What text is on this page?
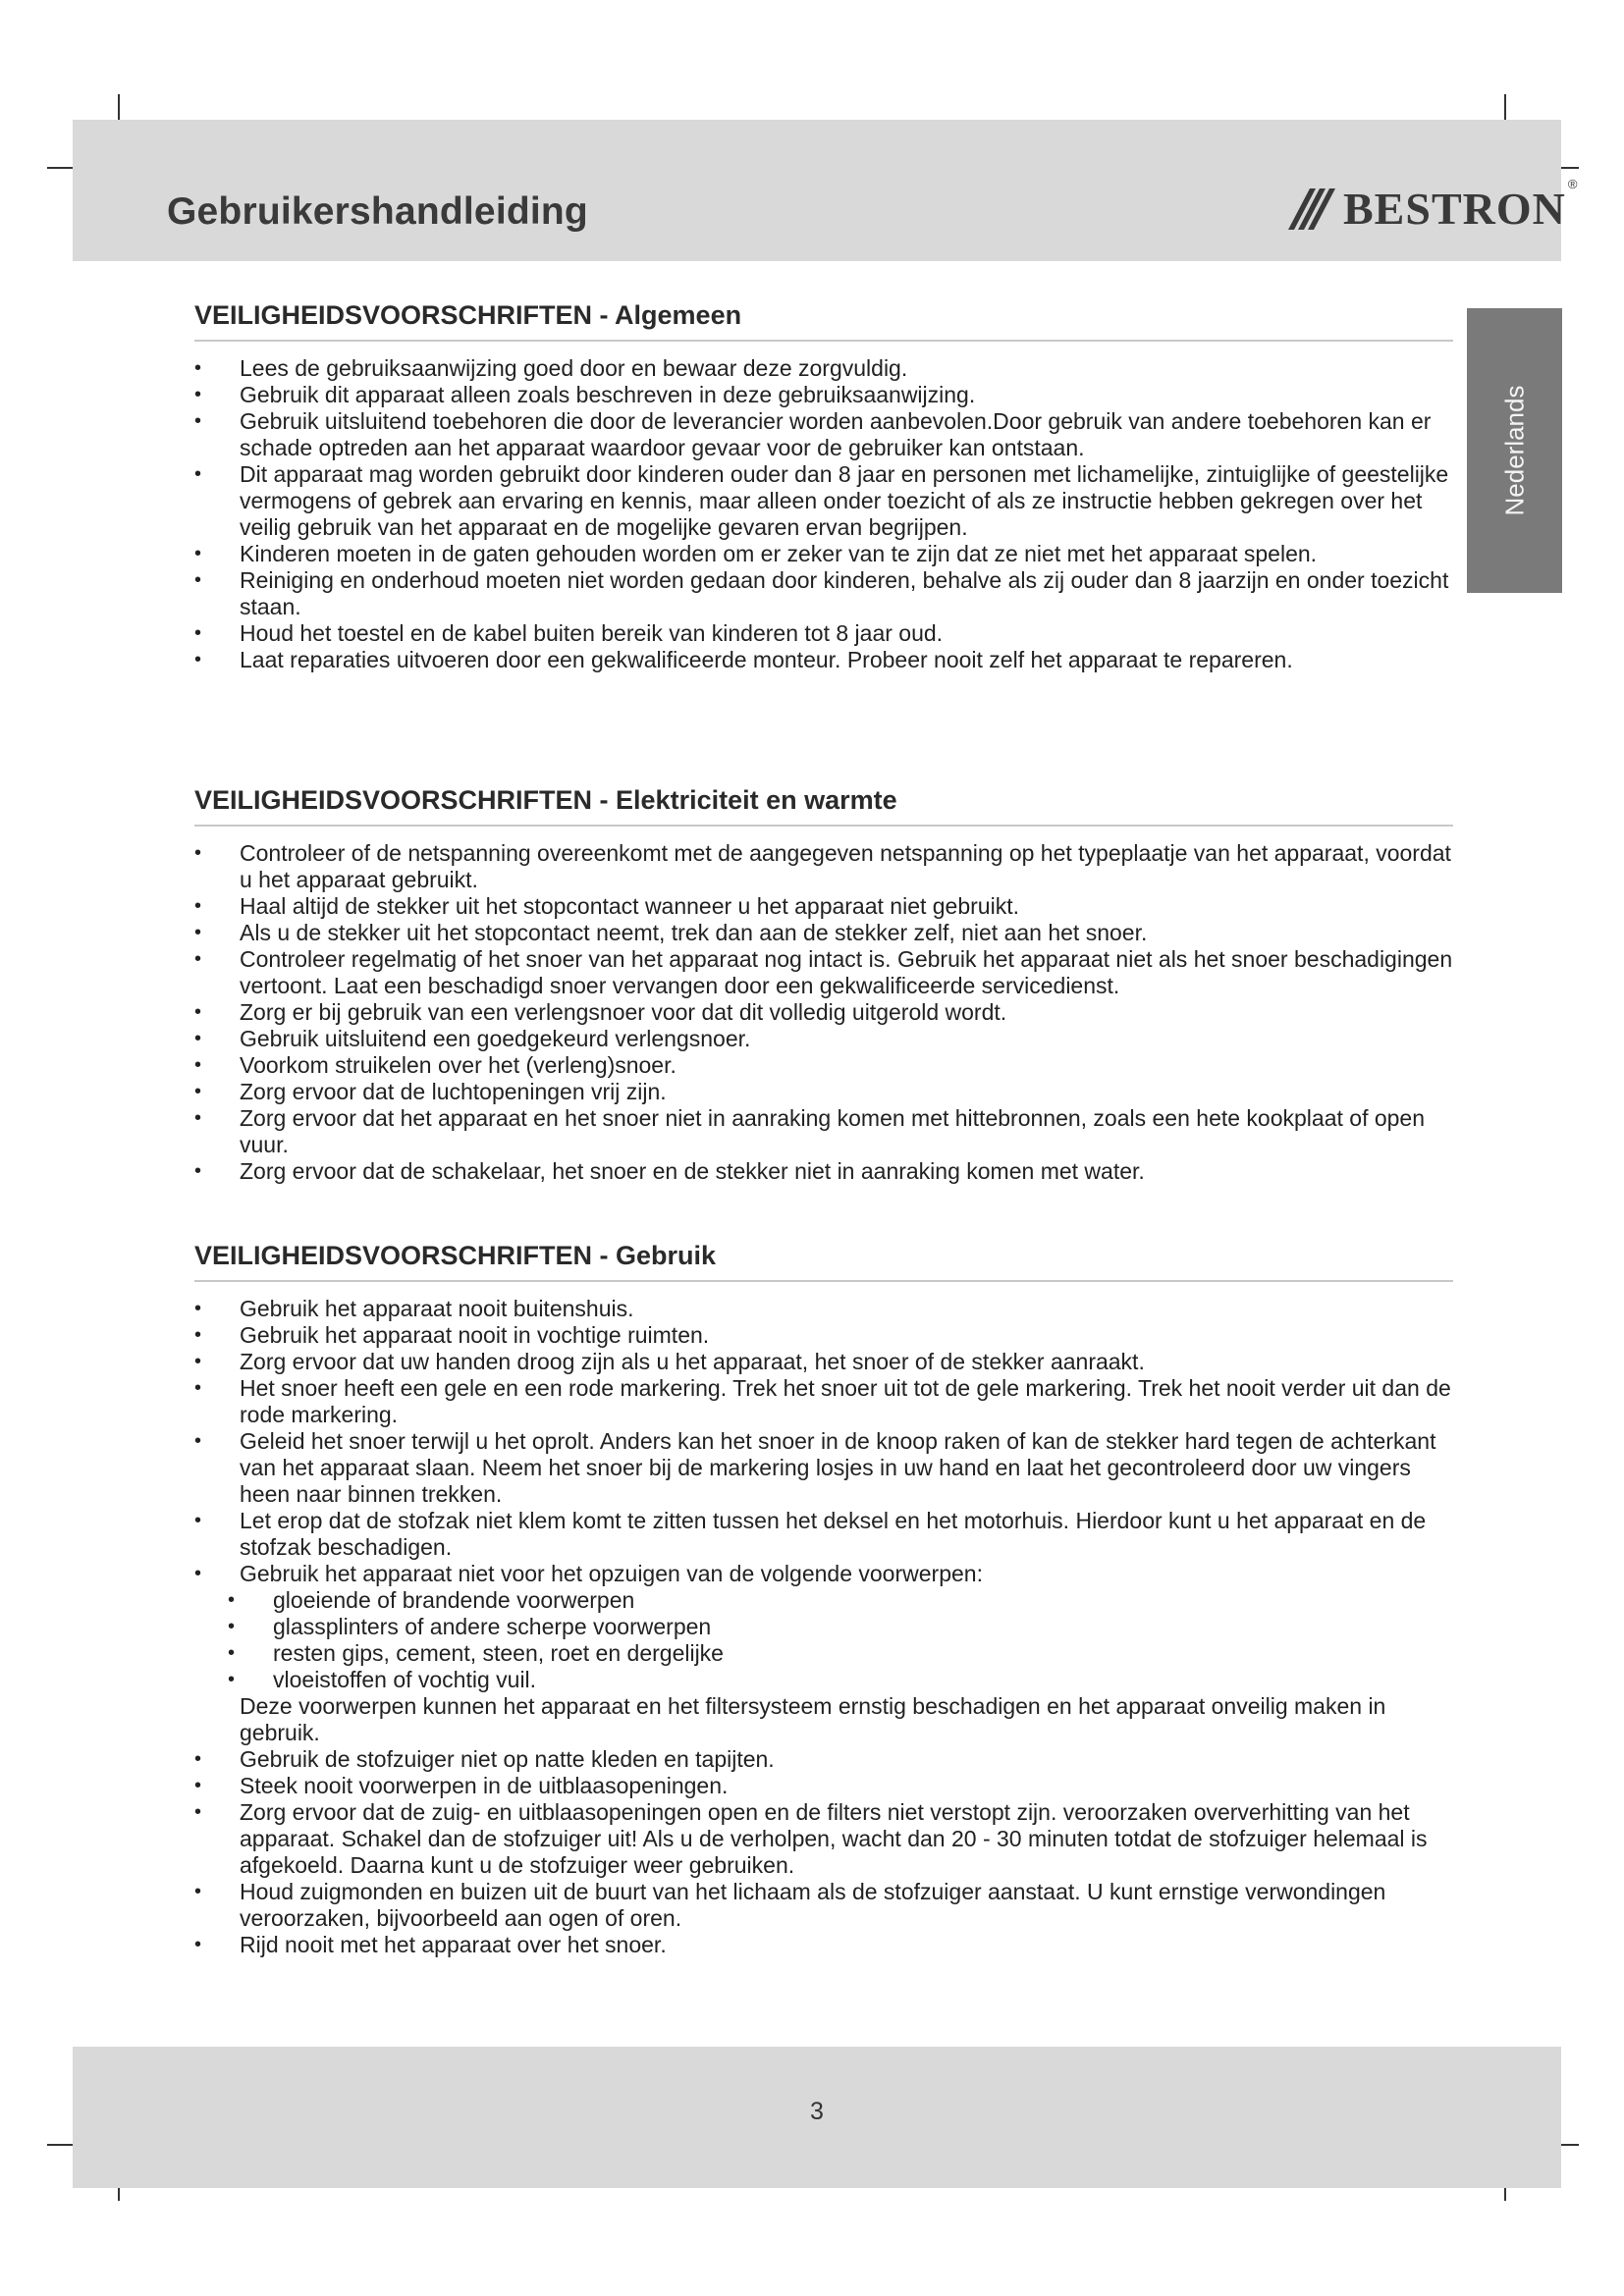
Gebruikershandleiding	BESTRON ®
Nederlands
VEILIGHEIDSVOORSCHRIFTEN - Algemeen
• Lees de gebruiksaanwijzing goed door en bewaar deze zorgvuldig.
• Gebruik dit apparaat alleen zoals beschreven in deze gebruiksaanwijzing.
• Gebruik uitsluitend toebehoren die door de leverancier worden aanbevolen.Door gebruik van andere toebehoren kan er schade optreden aan het apparaat waardoor gevaar voor de gebruiker kan ontstaan.
• Dit apparaat mag worden gebruikt door kinderen ouder dan 8 jaar en personen met lichamelijke, zintuiglijke of geestelijke vermogens of gebrek aan ervaring en kennis, maar alleen onder toezicht of als ze instructie hebben gekregen over het veilig gebruik van het apparaat en de mogelijke gevaren ervan begrijpen.
• Kinderen moeten in de gaten gehouden worden om er zeker van te zijn dat ze niet met het apparaat spelen.
• Reiniging en onderhoud moeten niet worden gedaan door kinderen, behalve als zij ouder dan 8 jaarzijn en onder toezicht staan.
• Houd het toestel en de kabel buiten bereik van kinderen tot 8 jaar oud.
• Laat reparaties uitvoeren door een gekwalificeerde monteur. Probeer nooit zelf het apparaat te repareren.
VEILIGHEIDSVOORSCHRIFTEN - Elektriciteit en warmte
• Controleer of de netspanning overeenkomt met de aangegeven netspanning op het typeplaatje van het apparaat, voordat u het apparaat gebruikt.
• Haal altijd de stekker uit het stopcontact wanneer u het apparaat niet gebruikt.
• Als u de stekker uit het stopcontact neemt, trek dan aan de stekker zelf, niet aan het snoer.
• Controleer regelmatig of het snoer van het apparaat nog intact is. Gebruik het apparaat niet als het snoer beschadigingen vertoont. Laat een beschadigd snoer vervangen door een gekwalificeerde servicedienst.
• Zorg er bij gebruik van een verlengsnoer voor dat dit volledig uitgerold wordt.
• Gebruik uitsluitend een goedgekeurd verlengsnoer.
• Voorkom struikelen over het (verleng)snoer.
• Zorg ervoor dat de luchtopeningen vrij zijn.
• Zorg ervoor dat het apparaat en het snoer niet in aanraking komen met hittebronnen, zoals een hete kookplaat of open vuur.
• Zorg ervoor dat de schakelaar, het snoer en de stekker niet in aanraking komen met water.
VEILIGHEIDSVOORSCHRIFTEN - Gebruik
• Gebruik het apparaat nooit buitenshuis.
• Gebruik het apparaat nooit in vochtige ruimten.
• Zorg ervoor dat uw handen droog zijn als u het apparaat, het snoer of de stekker aanraakt.
• Het snoer heeft een gele en een rode markering. Trek het snoer uit tot de gele markering. Trek het nooit verder uit dan de rode markering.
• Geleid het snoer terwijl u het oprolt. Anders kan het snoer in de knoop raken of kan de stekker hard tegen de achterkant van het apparaat slaan. Neem het snoer bij de markering losjes in uw hand en laat het gecontroleerd door uw vingers heen naar binnen trekken.
• Let erop dat de stofzak niet klem komt te zitten tussen het deksel en het motorhuis. Hierdoor kunt u het apparaat en de stofzak beschadigen.
• Gebruik het apparaat niet voor het opzuigen van de volgende voorwerpen:
• gloeiende of brandende voorwerpen
• glassplinters of andere scherpe voorwerpen
• resten gips, cement, steen, roet en dergelijke
• vloeistoffen of vochtig vuil.
Deze voorwerpen kunnen het apparaat en het filtersysteem ernstig beschadigen en het apparaat onveilig maken in gebruik.
• Gebruik de stofzuiger niet op natte kleden en tapijten.
• Steek nooit voorwerpen in de uitblaasopeningen.
• Zorg ervoor dat de zuig- en uitblaasopeningen open en de filters niet verstopt zijn. veroorzaken oververhitting van het apparaat. Schakel dan de stofzuiger uit! Als u de verholpen, wacht dan 20 - 30 minuten totdat de stofzuiger helemaal is afgekoeld. Daarna kunt u de stofzuiger weer gebruiken.
• Houd zuigmonden en buizen uit de buurt van het lichaam als de stofzuiger aanstaat. U kunt ernstige verwondingen veroorzaken, bijvoorbeeld aan ogen of oren.
• Rijd nooit met het apparaat over het snoer.
3
